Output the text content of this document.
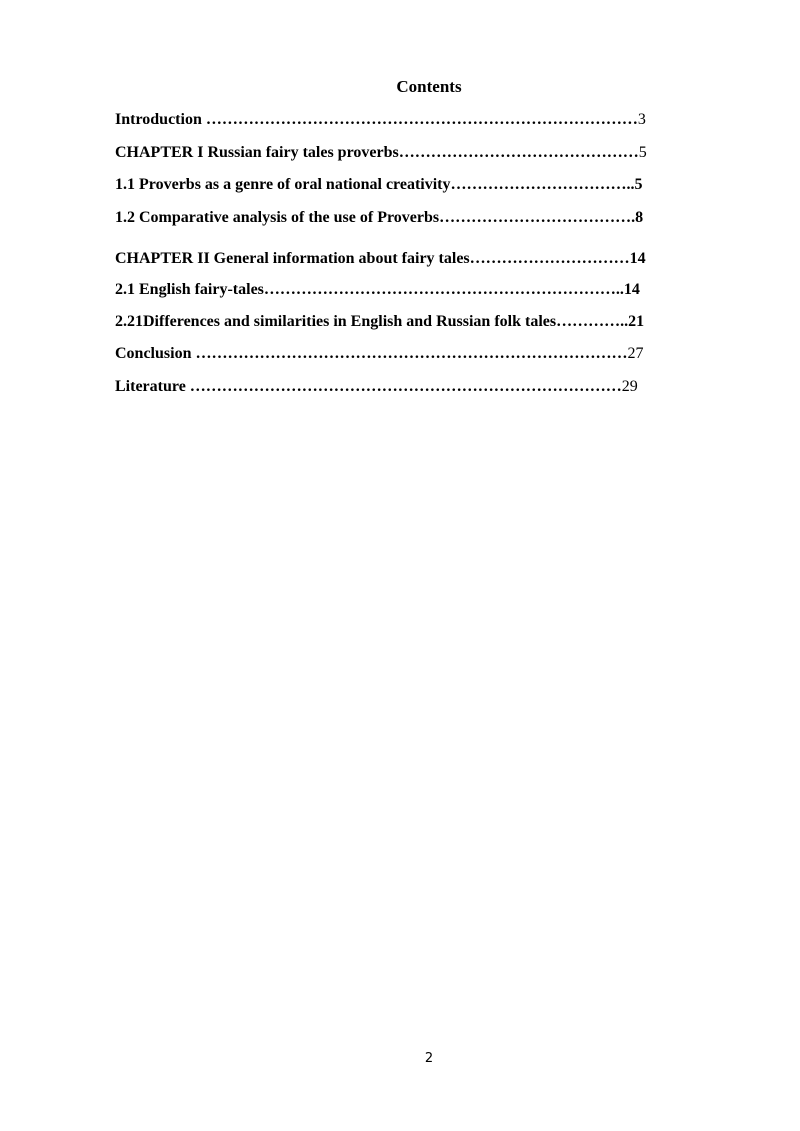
Contents
Introduction ………………………………………………………………………3
CHAPTER I Russian fairy tales proverbs………………………………………5
1.1 Proverbs as a genre of oral national creativity……………………………..5
1.2 Comparative analysis of the use of Proverbs……………………………….8
CHAPTER II General information about fairy tales…………………………14
2.1 English fairy-tales…………………………………………………………..14
2.21Differences and similarities in English and Russian folk tales…………..21
Conclusion ………………………………………………………………………27
Literature ………………………………………………………………………29
2
